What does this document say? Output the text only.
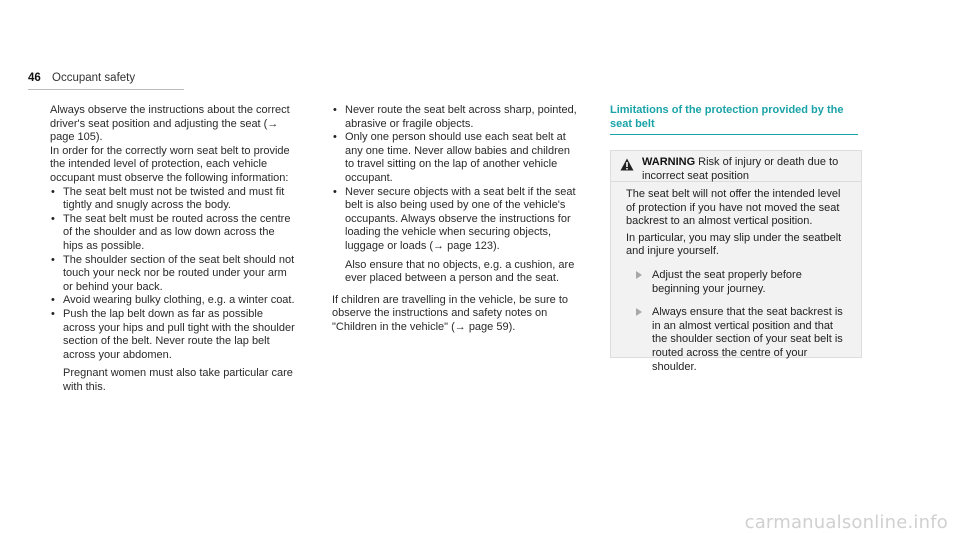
46 Occupant safety

Always observe the instructions about the correct driver's seat position and adjusting the seat (→ page 105).

In order for the correctly worn seat belt to provide the intended level of protection, each vehicle occupant must observe the following information:

• The seat belt must not be twisted and must fit tightly and snugly across the body.
• The seat belt must be routed across the centre of the shoulder and as low down across the hips as possible.
• The shoulder section of the seat belt should not touch your neck nor be routed under your arm or behind your back.
• Avoid wearing bulky clothing, e.g. a winter coat.
• Push the lap belt down as far as possible across your hips and pull tight with the shoulder section of the belt. Never route the lap belt across your abdomen.
Pregnant women must also take particular care with this.
• Never route the seat belt across sharp, pointed, abrasive or fragile objects.
• Only one person should use each seat belt at any one time. Never allow babies and children to travel sitting on the lap of another vehicle occupant.
• Never secure objects with a seat belt if the seat belt is also being used by one of the vehicle's occupants. Always observe the instructions for loading the vehicle when securing objects, luggage or loads (→ page 123).
Also ensure that no objects, e.g. a cushion, are ever placed between a person and the seat.

If children are travelling in the vehicle, be sure to observe the instructions and safety notes on "Children in the vehicle" (→ page 59).

Limitations of the protection provided by the seat belt
WARNING Risk of injury or death due to incorrect seat position

The seat belt will not offer the intended level of protection if you have not moved the seat backrest to an almost vertical position.

In particular, you may slip under the seatbelt and injure yourself.

Adjust the seat properly before beginning your journey.
Always ensure that the seat backrest is in an almost vertical position and that the shoulder section of your seat belt is routed across the centre of your shoulder.
carmanualsonline.info
